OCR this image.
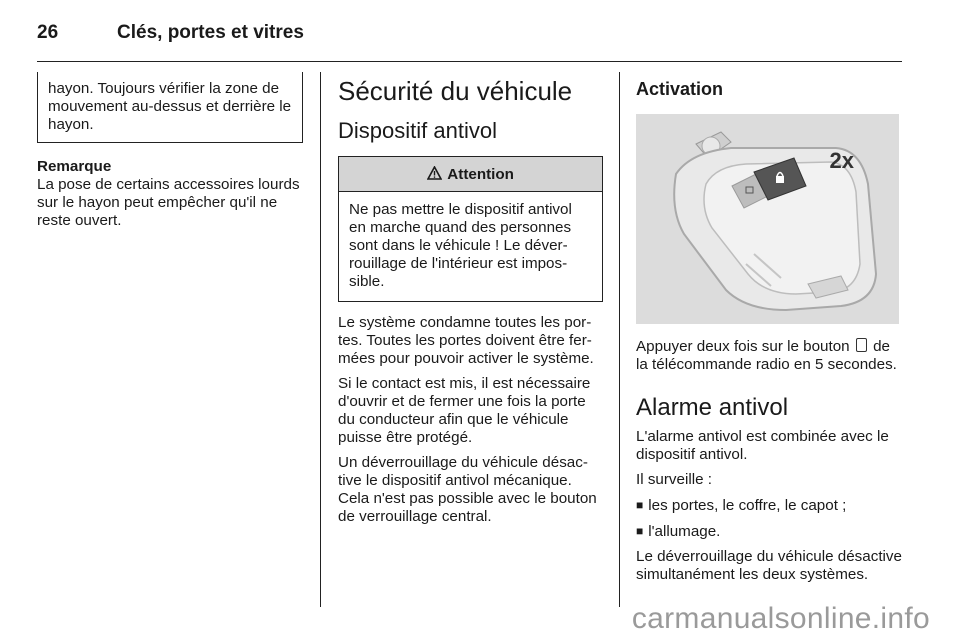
26	Clés, portes et vitres
hayon. Toujours vérifier la zone de mouvement au-dessus et derrière le hayon.
Remarque
La pose de certains accessoires lourds sur le hayon peut empêcher qu'il ne reste ouvert.
Sécurité du véhicule
Dispositif antivol
Attention
Ne pas mettre le dispositif antivol en marche quand des personnes sont dans le véhicule ! Le déverrouillage de l'intérieur est impossible.

Le système condamne toutes les portes. Toutes les portes doivent être fermées pour pouvoir activer le système.

Si le contact est mis, il est nécessaire d'ouvrir et de fermer une fois la porte du conducteur afin que le véhicule puisse être protégé.

Un déverrouillage du véhicule désactive le dispositif antivol mécanique. Cela n'est pas possible avec le bouton de verrouillage central.

Activation
2x

Appuyer deux fois sur le bouton de la télécommande radio en 5 secondes.

Alarme antivol

L'alarme antivol est combinée avec le dispositif antivol.

Il surveille :

■ les portes, le coffre, le capot ;
■ l'allumage.

Le déverrouillage du véhicule désactive simultanément les deux systèmes.

carmanualsonline.info
